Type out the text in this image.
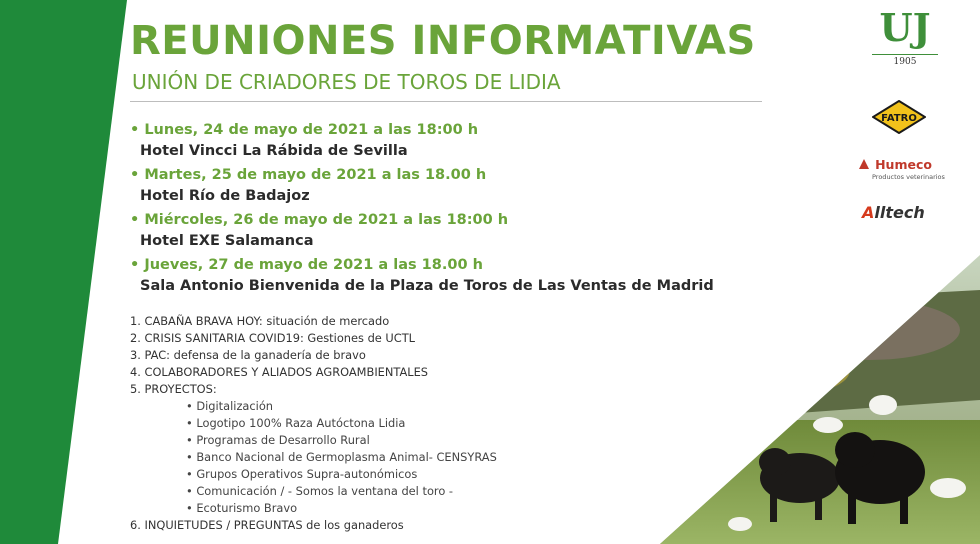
REUNIONES INFORMATIVAS
UNIÓN DE CRIADORES DE TOROS DE LIDIA
• Lunes, 24 de mayo de 2021 a las 18:00 h
Hotel Vincci La Rábida de Sevilla
• Martes, 25 de mayo de 2021 a las 18.00 h
Hotel Río de Badajoz
• Miércoles, 26 de mayo de 2021 a las 18:00 h
Hotel EXE Salamanca
• Jueves, 27 de mayo de 2021 a las 18.00 h
Sala Antonio Bienvenida de la Plaza de Toros de Las Ventas de Madrid
1. CABAÑA BRAVA HOY: situación de mercado
2. CRISIS SANITARIA COVID19: Gestiones de UCTL
3. PAC: defensa de la ganadería de bravo
4. COLABORADORES Y ALIADOS AGROAMBIENTALES
5. PROYECTOS:
• Digitalización
• Logotipo 100% Raza Autóctona Lidia
• Programas de Desarrollo Rural
• Banco Nacional de Germoplasma Animal- CENSYRAS
• Grupos Operativos Supra-autonómicos
• Comunicación / - Somos la ventana del toro -
• Ecoturismo Bravo
6. INQUIETUDES / PREGUNTAS de los ganaderos
UJ
1905
FATRO
Humeco
Productos veterinarios
Alltech
